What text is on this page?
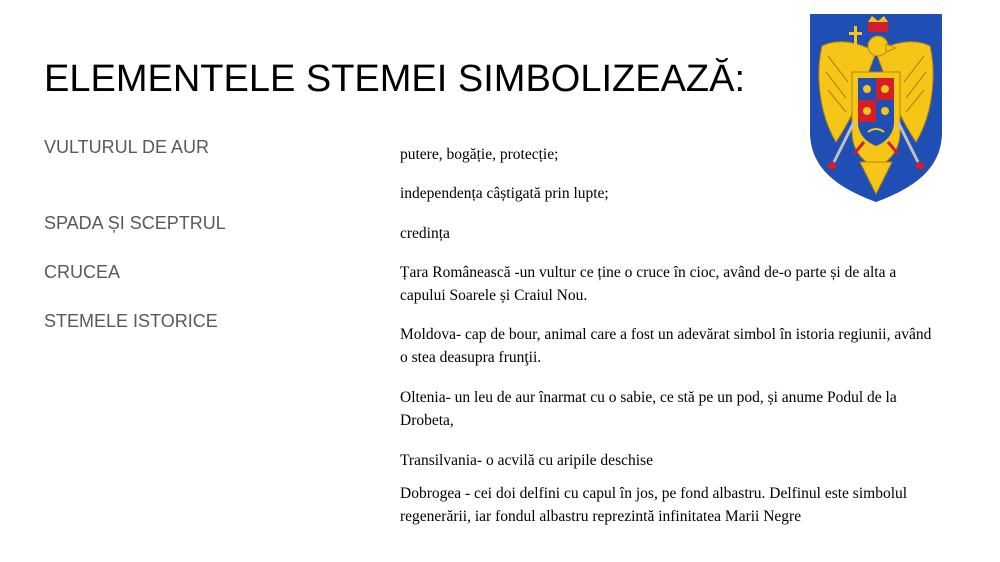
ELEMENTELE STEMEI SIMBOLIZEAZĂ:
VULTURUL DE AUR
SPADA ȘI SCEPTRUL
CRUCEA
STEMELE ISTORICE
putere, bogăție, protecție;
independența câștigată prin lupte;
credința
Țara Românească -un vultur ce ține o cruce în cioc, având de-o parte și de alta a capului Soarele și Craiul Nou.
Moldova- cap de bour, animal care a fost un adevărat simbol în istoria regiunii, având o stea deasupra frunţii.
Oltenia- un leu de aur înarmat cu o sabie, ce stă pe un pod, și anume Podul de la Drobeta,
Transilvania- o acvilă cu aripile deschise
Dobrogea - cei doi delfini cu capul în jos, pe fond albastru. Delfinul este simbolul regenerării, iar fondul albastru reprezintă infinitatea Marii Negre
